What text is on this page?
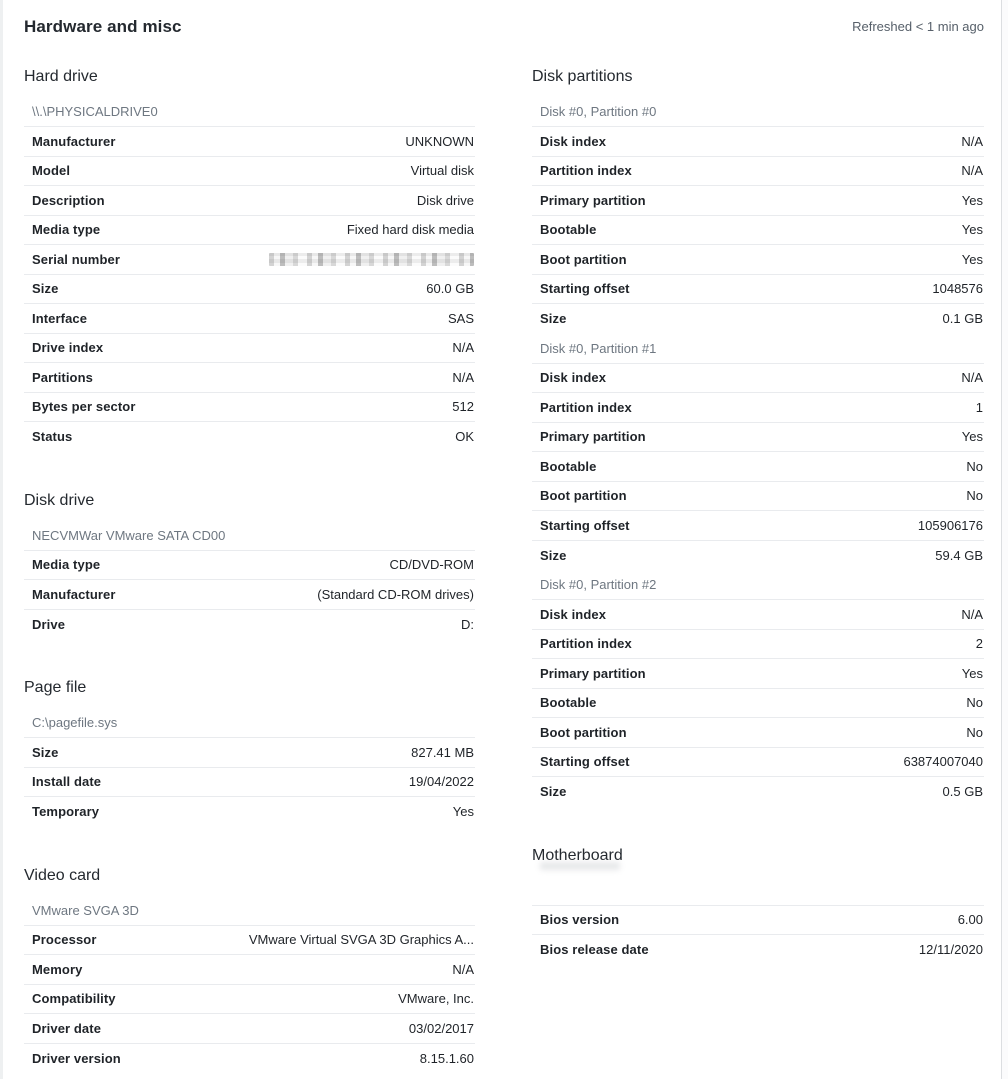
Hardware and misc	Refreshed < 1 min ago
Hard drive
\\.\PHYSICALDRIVE0
Manufacturer	UNKNOWN
Model	Virtual disk
Description	Disk drive
Media type	Fixed hard disk media
Serial number
Size	60.0 GB
Interface	SAS
Drive index	N/A
Partitions	N/A
Bytes per sector	512
Status	OK
Disk drive
NECVMWar VMware SATA CD00
Media type	CD/DVD-ROM
Manufacturer	(Standard CD-ROM drives)
Drive	D:
Page file
C:\pagefile.sys
Size	827.41 MB
Install date	19/04/2022
Temporary	Yes
Video card
VMware SVGA 3D
Processor	VMware Virtual SVGA 3D Graphics A...
Memory	N/A
Compatibility	VMware, Inc.
Driver date	03/02/2017
Driver version	8.15.1.60
Disk partitions
Disk #0, Partition #0
Disk index	N/A
Partition index	N/A
Primary partition	Yes
Bootable	Yes
Boot partition	Yes
Starting offset	1048576
Size	0.1 GB
Disk #0, Partition #1
Disk index	N/A
Partition index	1
Primary partition	Yes
Bootable	No
Boot partition	No
Starting offset	105906176
Size	59.4 GB
Disk #0, Partition #2
Disk index	N/A
Partition index	2
Primary partition	Yes
Bootable	No
Boot partition	No
Starting offset	63874007040
Size	0.5 GB
Motherboard
Bios version	6.00
Bios release date	12/11/2020
